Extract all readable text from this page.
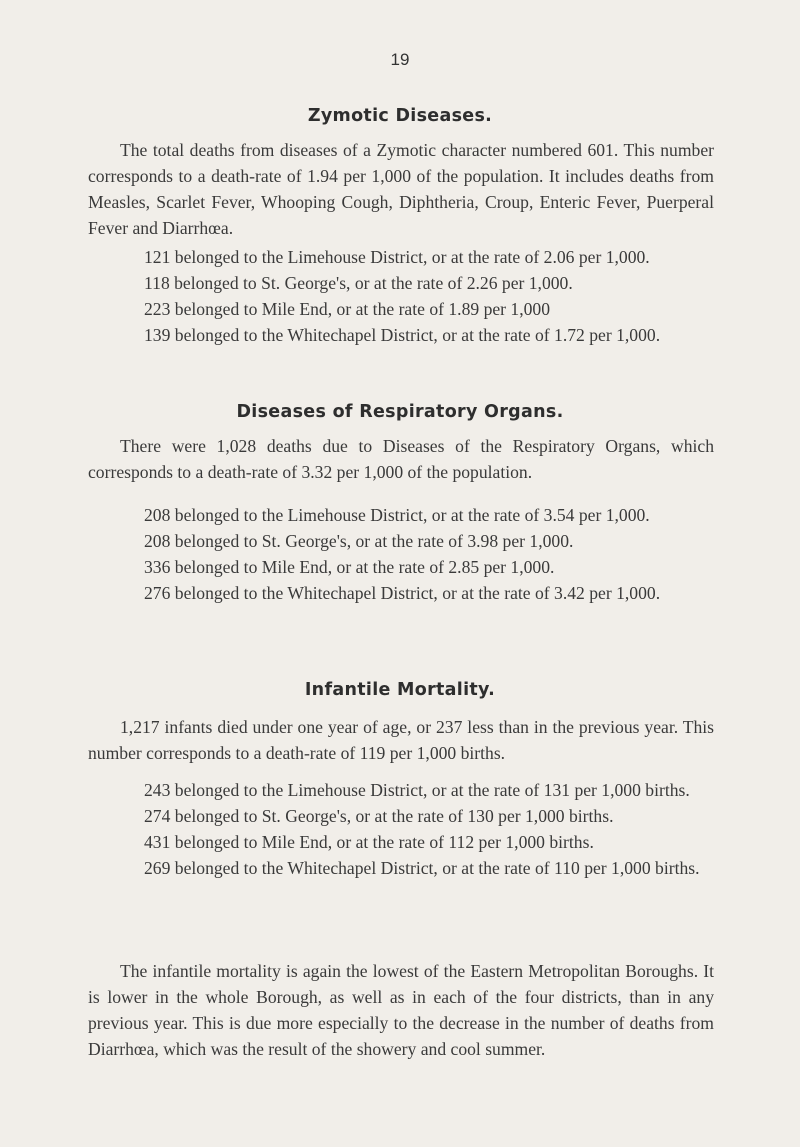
19
Zymotic Diseases.

The total deaths from diseases of a Zymotic character numbered 601. This number corresponds to a death-rate of 1.94 per 1,000 of the population. It includes deaths from Measles, Scarlet Fever, Whooping Cough, Diphtheria, Croup, Enteric Fever, Puerperal Fever and Diarrhœa.

121 belonged to the Limehouse District, or at the rate of 2.06 per 1,000.
118 belonged to St. George's, or at the rate of 2.26 per 1,000.
223 belonged to Mile End, or at the rate of 1.89 per 1,000
139 belonged to the Whitechapel District, or at the rate of 1.72 per 1,000.
Diseases of Respiratory Organs.

There were 1,028 deaths due to Diseases of the Respiratory Organs, which corresponds to a death-rate of 3.32 per 1,000 of the population.

208 belonged to the Limehouse District, or at the rate of 3.54 per 1,000.
208 belonged to St. George's, or at the rate of 3.98 per 1,000.
336 belonged to Mile End, or at the rate of 2.85 per 1,000.
276 belonged to the Whitechapel District, or at the rate of 3.42 per 1,000.
Infantile Mortality.

1,217 infants died under one year of age, or 237 less than in the previous year. This number corresponds to a death-rate of 119 per 1,000 births.

243 belonged to the Limehouse District, or at the rate of 131 per 1,000 births.
274 belonged to St. George's, or at the rate of 130 per 1,000 births.
431 belonged to Mile End, or at the rate of 112 per 1,000 births.
269 belonged to the Whitechapel District, or at the rate of 110 per 1,000 births.

The infantile mortality is again the lowest of the Eastern Metropolitan Boroughs. It is lower in the whole Borough, as well as in each of the four districts, than in any previous year. This is due more especially to the decrease in the number of deaths from Diarrhœa, which was the result of the showery and cool summer.
